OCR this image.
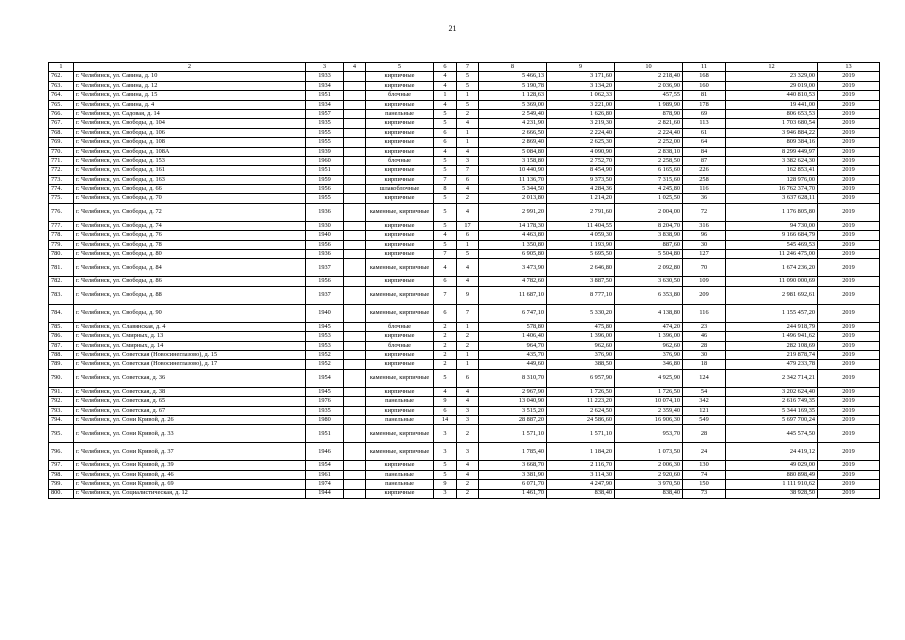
21
1	2	3	4	5	6	7	8	9	10	11	12	13
762.	г. Челябинск, ул. Савина, д. 10	1933		кирпичные	4	5	5 466,13	3 171,60	2 218,40	168	23 329,00	2019
763.	г. Челябинск, ул. Савина, д. 12	1934		кирпичные	4	5	5 190,78	3 134,20	2 036,90	160	29 019,00	2019
764.	г. Челябинск, ул. Савина, д. 15	1951		блочные	1	1	1 128,63	1 062,33	457,55	81	440 810,53	2019
765.	г. Челябинск, ул. Савина, д. 4	1934		кирпичные	4	5	5 369,00	3 221,00	1 989,90	178	19 441,00	2019
766.	г. Челябинск, ул. Садовая, д. 14	1957		панельные	5	2	2 549,40	1 626,80	878,90	69	806 653,53	2019
767.	г. Челябинск, ул. Свободы, д. 104	1935		кирпичные	5	4	4 231,90	3 219,30	2 821,60	113	1 703 680,54	2019
768.	г. Челябинск, ул. Свободы, д. 106	1955		кирпичные	6	1	2 666,50	2 224,40	2 224,40	61	3 946 884,22	2019
769.	г. Челябинск, ул. Свободы, д. 108	1955		кирпичные	6	1	2 869,40	2 625,30	2 252,00	64	809 384,16	2019
770.	г. Челябинск, ул. Свободы, д. 108А	1939		кирпичные	4	4	5 084,80	4 090,90	2 838,10	84	8 299 449,97	2019
771.	г. Челябинск, ул. Свободы, д. 153	1960		блочные	5	3	3 158,80	2 752,70	2 258,50	87	3 382 624,30	2019
772.	г. Челябинск, ул. Свободы, д. 161	1951		кирпичные	5	7	10 440,90	8 454,90	6 165,60	226	162 853,41	2019
773.	г. Челябинск, ул. Свободы, д. 163	1959		кирпичные	7	6	11 136,70	9 373,50	7 315,60	258	128 976,00	2019
774.	г. Челябинск, ул. Свободы, д. 66	1956		шлакоблочные	8	4	5 344,50	4 284,36	4 245,80	116	16 762 374,70	2019
775.	г. Челябинск, ул. Свободы, д. 70	1955		кирпичные	5	2	2 013,80	1 214,20	1 025,50	36	3 637 628,11	2019
776.	г. Челябинск, ул. Свободы, д. 72	1936		каменные, кирпичные	5	4	2 991,20	2 791,60	2 004,00	72	1 176 805,80	2019
777.	г. Челябинск, ул. Свободы, д. 74	1930		кирпичные	5	17	14 178,30	11 404,55	8 204,70	316	94 730,00	2019
778.	г. Челябинск, ул. Свободы, д. 76	1940		кирпичные	4	6	4 463,80	4 059,30	3 838,90	96	9 166 684,79	2019
779.	г. Челябинск, ул. Свободы, д. 78	1956		кирпичные	5	1	1 350,80	1 193,90	887,60	30	545 469,53	2019
780.	г. Челябинск, ул. Свободы, д. 80	1936		кирпичные	7	5	6 905,80	5 695,50	5 504,80	127	11 246 475,00	2019
781.	г. Челябинск, ул. Свободы, д. 84	1937		каменные, кирпичные	4	4	3 473,90	2 646,80	2 092,80	70	1 674 236,20	2019
782.	г. Челябинск, ул. Свободы, д. 86	1956		кирпичные	6	4	4 782,60	3 887,50	3 630,50	109	11 090 000,69	2019
783.	г. Челябинск, ул. Свободы, д. 88	1937		каменные, кирпичные	7	9	11 687,10	8 777,10	6 353,80	209	2 981 692,61	2019
784.	г. Челябинск, ул. Свободы, д. 90	1940		каменные, кирпичные	6	7	6 747,10	5 330,20	4 138,80	116	1 155 457,20	2019
785.	г. Челябинск, ул. Славянская, д. 4	1945		блочные	2	1	578,80	475,80	474,20	23	244 918,79	2019
786.	г. Челябинск, ул. Смирных, д. 13	1953		кирпичные	2	2	1 406,40	1 396,00	1 396,00	46	1 496 941,62	2019
787.	г. Челябинск, ул. Смирных, д. 14	1953		блочные	2	2	964,70	962,60	962,60	28	282 108,69	2019
788.	г. Челябинск, ул. Советская (Новосинеглазово), д. 15	1952		кирпичные	2	1	435,70	376,90	376,90	30	219 878,74	2019
789.	г. Челябинск, ул. Советская (Новосинеглазово), д. 17	1952		кирпичные	2	1	449,60	388,50	346,80	18	479 233,78	2019
790.	г. Челябинск, ул. Советская, д. 36	1954		каменные, кирпичные	5	6	8 310,70	6 957,90	4 925,90	124	2 342 714,21	2019
791.	г. Челябинск, ул. Советская, д. 38	1945		кирпичные	4	4	2 967,90	1 726,50	1 726,50	54	3 202 624,40	2019
792.	г. Челябинск, ул. Советская, д. 65	1976		панельные	9	4	13 040,90	11 223,20	10 074,10	342	2 616 749,35	2019
793.	г. Челябинск, ул. Советская, д. 67	1935		кирпичные	6	3	3 515,20	2 624,50	2 359,40	121	5 344 169,35	2019
794.	г. Челябинск, ул. Сони Кривой, д. 26	1980		панельные	14	3	28 887,20	24 586,60	16 906,30	549	5 697 700,24	2019
795.	г. Челябинск, ул. Сони Кривой, д. 33	1951		каменные, кирпичные	3	2	1 571,10	1 571,10	953,70	28	445 574,50	2019
796.	г. Челябинск, ул. Сони Кривой, д. 37	1946		каменные, кирпичные	3	3	1 785,40	1 184,20	1 073,50	24	24 419,12	2019
797.	г. Челябинск, ул. Сони Кривой, д. 39	1954		кирпичные	5	4	3 668,70	2 116,70	2 006,30	130	49 029,00	2019
798.	г. Челябинск, ул. Сони Кривой, д. 46	1961		панельные	5	4	3 381,90	3 114,30	2 920,60	74	880 898,49	2019
799.	г. Челябинск, ул. Сони Кривой, д. 69	1974		панельные	9	2	6 071,70	4 247,90	3 970,50	150	1 111 910,62	2019
800.	г. Челябинск, ул. Социалистическая, д. 12	1944		кирпичные	3	2	1 461,70	838,40	838,40	73	38 928,50	2019
